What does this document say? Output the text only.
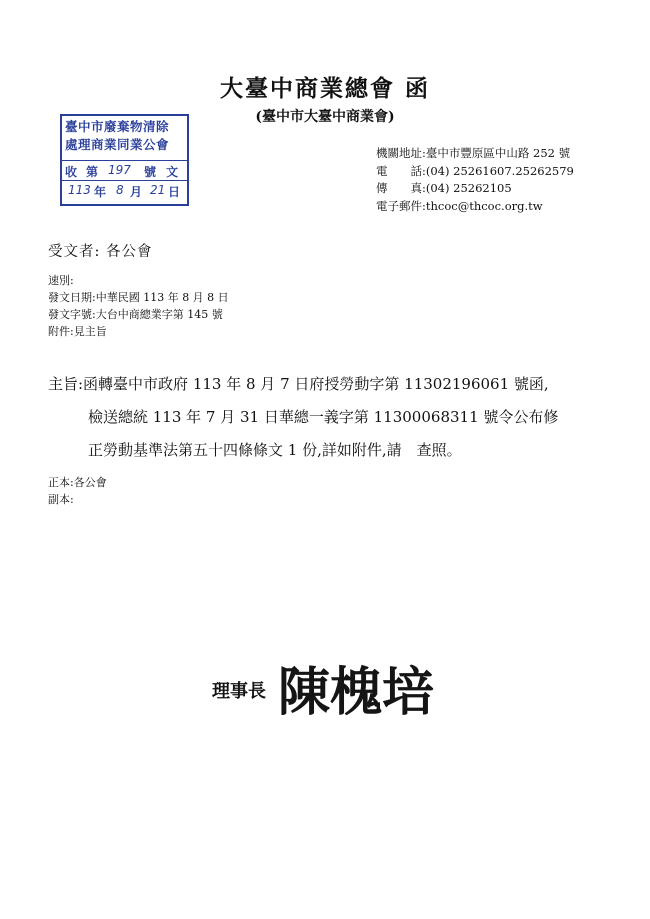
大臺中商業總會 函
(臺中市大臺中商業會)
臺中市廢棄物清除
處理商業同業公會
收 第 197 號 文
113 年 8 月 21 日
機關地址:臺中市豐原區中山路 252 號
電　　話:(04) 25261607.25262579
傳　　真:(04) 25262105
電子郵件:thcoc@thcoc.org.tw
受文者: 各公會
速別:
發文日期:中華民國 113 年 8 月 8 日
發文字號:大台中商總業字第 145 號
附件:見主旨
主旨:函轉臺中市政府 113 年 8 月 7 日府授勞動字第 11302196061 號函,
檢送總統 113 年 7 月 31 日華總一義字第 11300068311 號令公布修
正勞動基準法第五十四條條文 1 份,詳如附件,請　查照。
正本:各公會
副本:
理事長 陳槐培
